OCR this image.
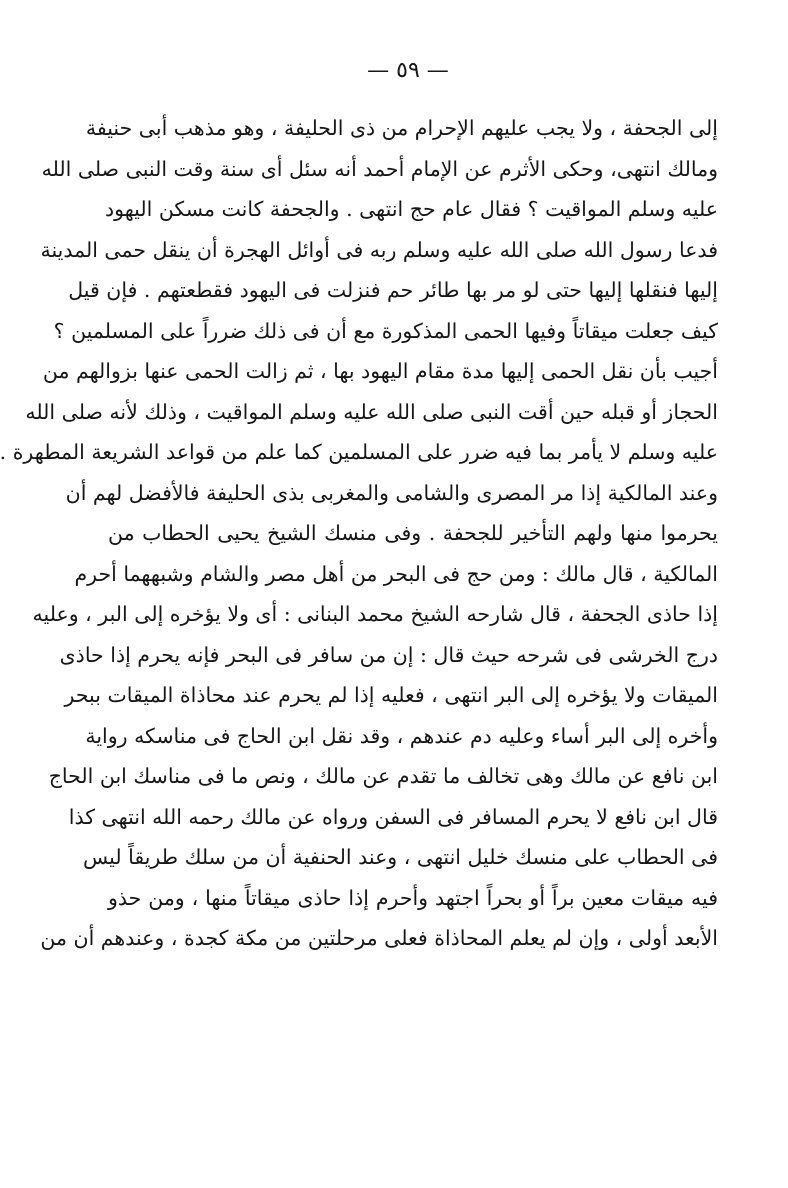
— ٥٩ —
إلى الجحفة ، ولا يجب عليهم الإحرام من ذى الحليفة ، وهو مذهب أبى حنيفة
ومالك انتهى، وحكى الأثرم عن الإمام أحمد أنه سئل أى سنة وقت النبى صلى الله
عليه وسلم المواقيت ؟ فقال عام حج انتهى . والجحفة كانت مسكن اليهود
فدعا رسول الله صلى الله عليه وسلم ربه فى أوائل الهجرة أن ينقل حمى المدينة
إليها فنقلها إليها حتى لو مر بها طائر حم فنزلت فى اليهود فقطعتهم . فإن قيل
كيف جعلت ميقاتاً وفيها الحمى المذكورة مع أن فى ذلك ضرراً على المسلمين ؟
أجيب بأن نقل الحمى إليها مدة مقام اليهود بها ، ثم زالت الحمى عنها بزوالهم من
الحجاز أو قبله حين أقت النبى صلى الله عليه وسلم المواقيت ، وذلك لأنه صلى الله
عليه وسلم لا يأمر بما فيه ضرر على المسلمين كما علم من قواعد الشريعة المطهرة .
وعند المالكية إذا مر المصرى والشامى والمغربى بذى الحليفة فالأفضل لهم أن
يحرموا منها ولهم التأخير للجحفة . وفى منسك الشيخ يحيى الحطاب من
المالكية ، قال مالك : ومن حج فى البحر من أهل مصر والشام وشبههما أحرم
إذا حاذى الجحفة ، قال شارحه الشيخ محمد البنانى : أى ولا يؤخره إلى البر ، وعليه
درج الخرشى فى شرحه حيث قال : إن من سافر فى البحر فإنه يحرم إذا حاذى
الميقات ولا يؤخره إلى البر انتهى ، فعليه إذا لم يحرم عند محاذاة الميقات ببحر
وأخره إلى البر أساء وعليه دم عندهم ، وقد نقل ابن الحاج فى مناسكه رواية
ابن نافع عن مالك وهى تخالف ما تقدم عن مالك ، ونص ما فى مناسك ابن الحاج
قال ابن نافع لا يحرم المسافر فى السفن ورواه عن مالك رحمه الله انتهى كذا
فى الحطاب على منسك خليل انتهى ، وعند الحنفية أن من سلك طريقاً ليس
فيه ميقات معين براً أو بحراً اجتهد وأحرم إذا حاذى ميقاتاً منها ، ومن حذو
الأبعد أولى ، وإن لم يعلم المحاذاة فعلى مرحلتين من مكة كجدة ، وعندهم أن من
